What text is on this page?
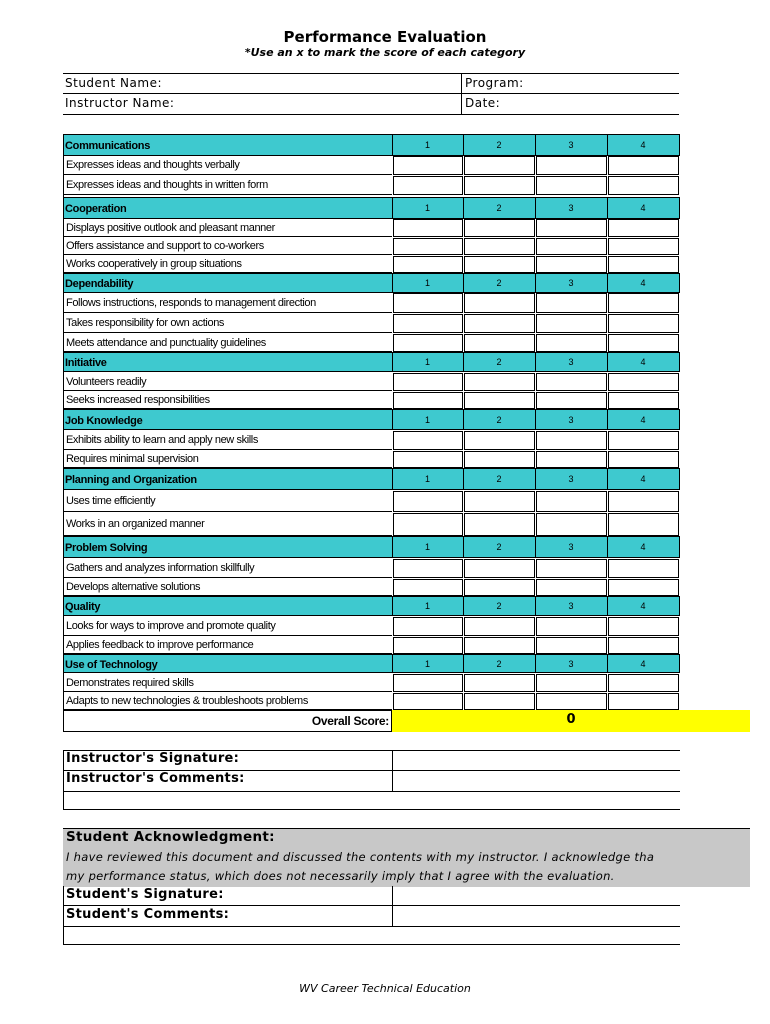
Performance Evaluation
*Use an x to mark the score of each category
Student Name:	Program:
Instructor Name:	Date:
Communications	1	2	3	4
Expresses ideas and thoughts verbally
Expresses ideas and thoughts in written form
Cooperation	1	2	3	4
Displays positive outlook and pleasant manner
Offers assistance and support to co-workers
Works cooperatively in group situations
Dependability	1	2	3	4
Follows instructions, responds to management direction
Takes responsibility for own actions
Meets attendance and punctuality guidelines
Initiative	1	2	3	4
Volunteers readily
Seeks increased responsibilities
Job Knowledge	1	2	3	4
Exhibits ability to learn and apply new skills
Requires minimal supervision
Planning and Organization	1	2	3	4
Uses time efficiently
Works in an organized manner
Problem Solving	1	2	3	4
Gathers and analyzes information skillfully
Develops alternative solutions
Quality	1	2	3	4
Looks for ways to improve and promote quality
Applies feedback to improve performance
Use of Technology	1	2	3	4
Demonstrates required skills
Adapts to new technologies & troubleshoots problems
Overall Score:	0
Instructor's Signature:
Instructor's Comments:
Student Acknowledgment:
I have reviewed this document and discussed the contents with my instructor. I acknowledge tha
my performance status, which does not necessarily imply that I agree with the evaluation.
Student's Signature:
Student's Comments:
WV Career Technical Education
